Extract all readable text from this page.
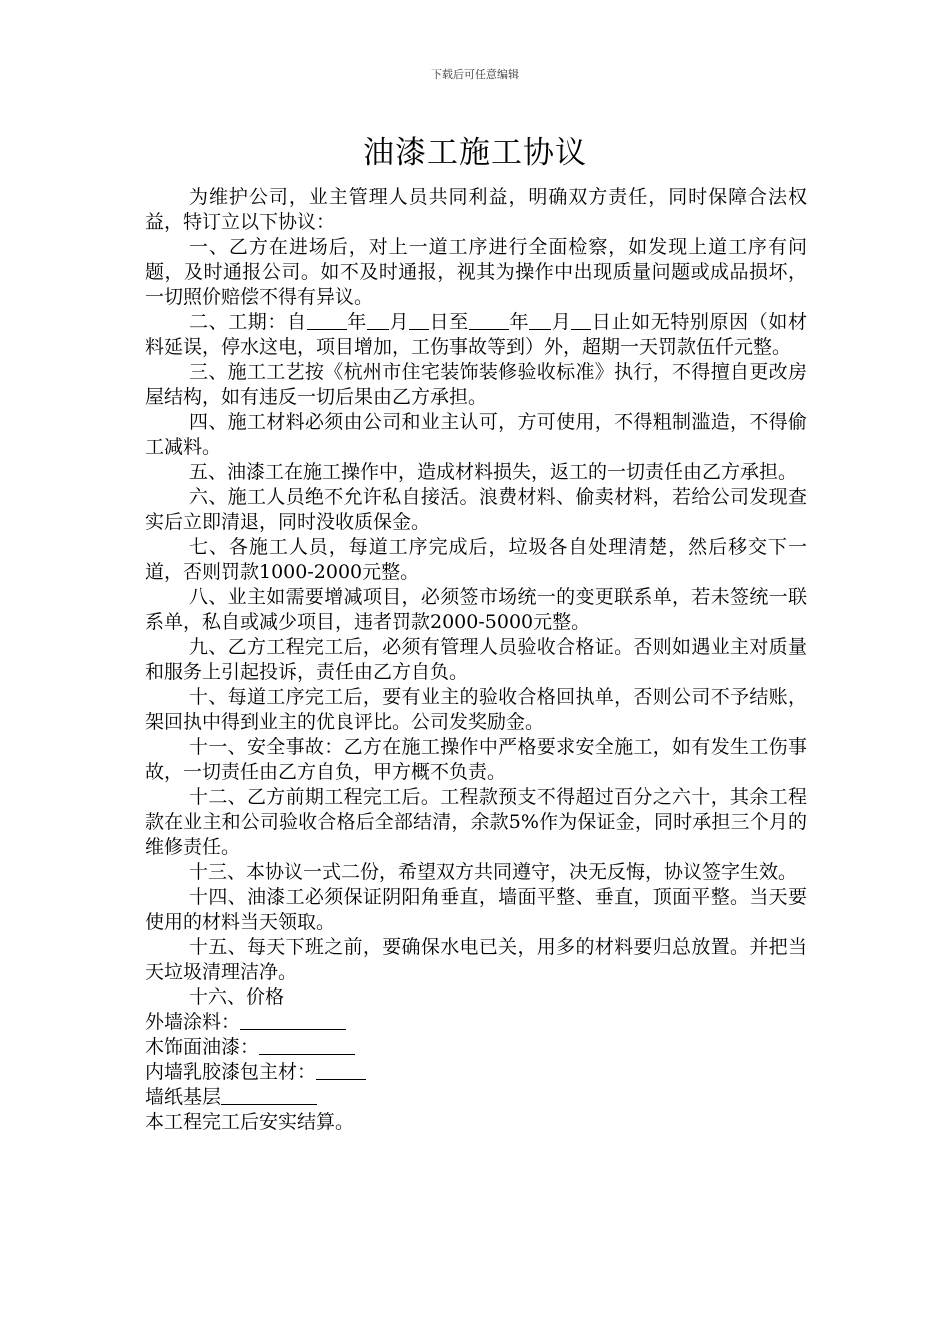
下载后可任意编辑
油漆工施工协议

为维护公司，业主管理人员共同利益，明确双方责任，同时保障合法权益，特订立以下协议：

一、乙方在进场后，对上一道工序进行全面检察，如发现上道工序有问题，及时通报公司。如不及时通报，视其为操作中出现质量问题或成品损坏，一切照价赔偿不得有异议。

二、工期：自 年 月 日至 年 月 日止如无特别原因（如材料延误，停水这电，项目增加，工伤事故等到）外，超期一天罚款伍仟元整。

三、施工工艺按《杭州市住宅装饰装修验收标准》执行，不得擅自更改房屋结构，如有违反一切后果由乙方承担。

四、施工材料必须由公司和业主认可，方可使用，不得粗制滥造，不得偷工减料。

五、油漆工在施工操作中，造成材料损失，返工的一切责任由乙方承担。

六、施工人员绝不允许私自接活。浪费材料、偷卖材料，若给公司发现查实后立即清退，同时没收质保金。

七、各施工人员，每道工序完成后，垃圾各自处理清楚，然后移交下一道，否则罚款1000-2000元整。

八、业主如需要增减项目，必须签市场统一的变更联系单，若未签统一联系单，私自或减少项目，违者罚款2000-5000元整。

九、乙方工程完工后，必须有管理人员验收合格证。否则如遇业主对质量和服务上引起投诉，责任由乙方自负。

十、每道工序完工后，要有业主的验收合格回执单，否则公司不予结账，架回执中得到业主的优良评比。公司发奖励金。

十一、安全事故：乙方在施工操作中严格要求安全施工，如有发生工伤事故，一切责任由乙方自负，甲方概不负责。

十二、乙方前期工程完工后。工程款预支不得超过百分之六十，其余工程款在业主和公司验收合格后全部结清，余款5%作为保证金，同时承担三个月的维修责任。

十三、本协议一式二份，希望双方共同遵守，决无反悔，协议签字生效。

十四、油漆工必须保证阴阳角垂直，墙面平整、垂直，顶面平整。当天要使用的材料当天领取。

十五、每天下班之前，要确保水电已关，用多的材料要归总放置。并把当天垃圾清理洁净。

十六、价格

外墙涂料：

木饰面油漆：

内墙乳胶漆包主材：

墙纸基层

本工程完工后安实结算。
